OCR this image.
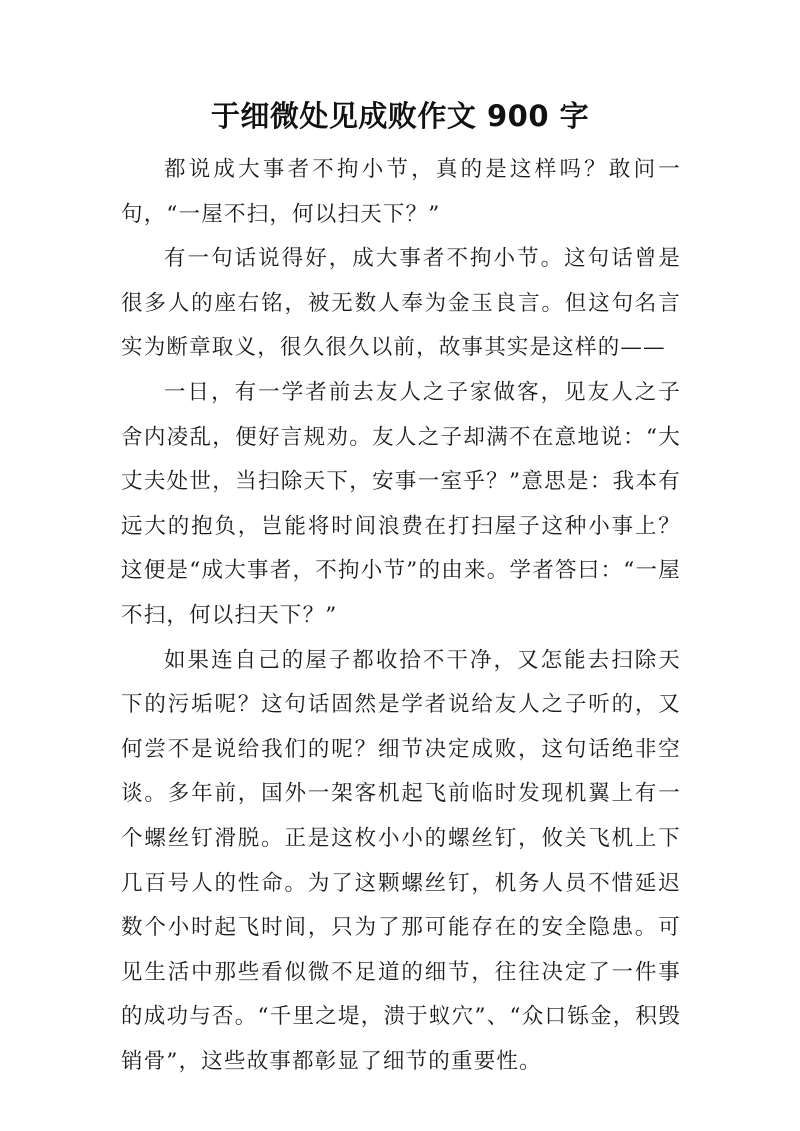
于细微处见成败作文 900 字

都说成大事者不拘小节，真的是这样吗？敢问一句，“一屋不扫，何以扫天下？”

有一句话说得好，成大事者不拘小节。这句话曾是很多人的座右铭，被无数人奉为金玉良言。但这句名言实为断章取义，很久很久以前，故事其实是这样的——

一日，有一学者前去友人之子家做客，见友人之子舍内凌乱，便好言规劝。友人之子却满不在意地说：“大丈夫处世，当扫除天下，安事一室乎？”意思是：我本有远大的抱负，岂能将时间浪费在打扫屋子这种小事上？这便是“成大事者，不拘小节”的由来。学者答曰：“一屋不扫，何以扫天下？”

如果连自己的屋子都收拾不干净，又怎能去扫除天下的污垢呢？这句话固然是学者说给友人之子听的，又何尝不是说给我们的呢？细节决定成败，这句话绝非空谈。多年前，国外一架客机起飞前临时发现机翼上有一个螺丝钉滑脱。正是这枚小小的螺丝钉，攸关飞机上下几百号人的性命。为了这颗螺丝钉，机务人员不惜延迟数个小时起飞时间，只为了那可能存在的安全隐患。可见生活中那些看似微不足道的细节，往往决定了一件事的成功与否。“千里之堤，溃于蚁穴”、“众口铄金，积毁销骨”，这些故事都彰显了细节的重要性。
